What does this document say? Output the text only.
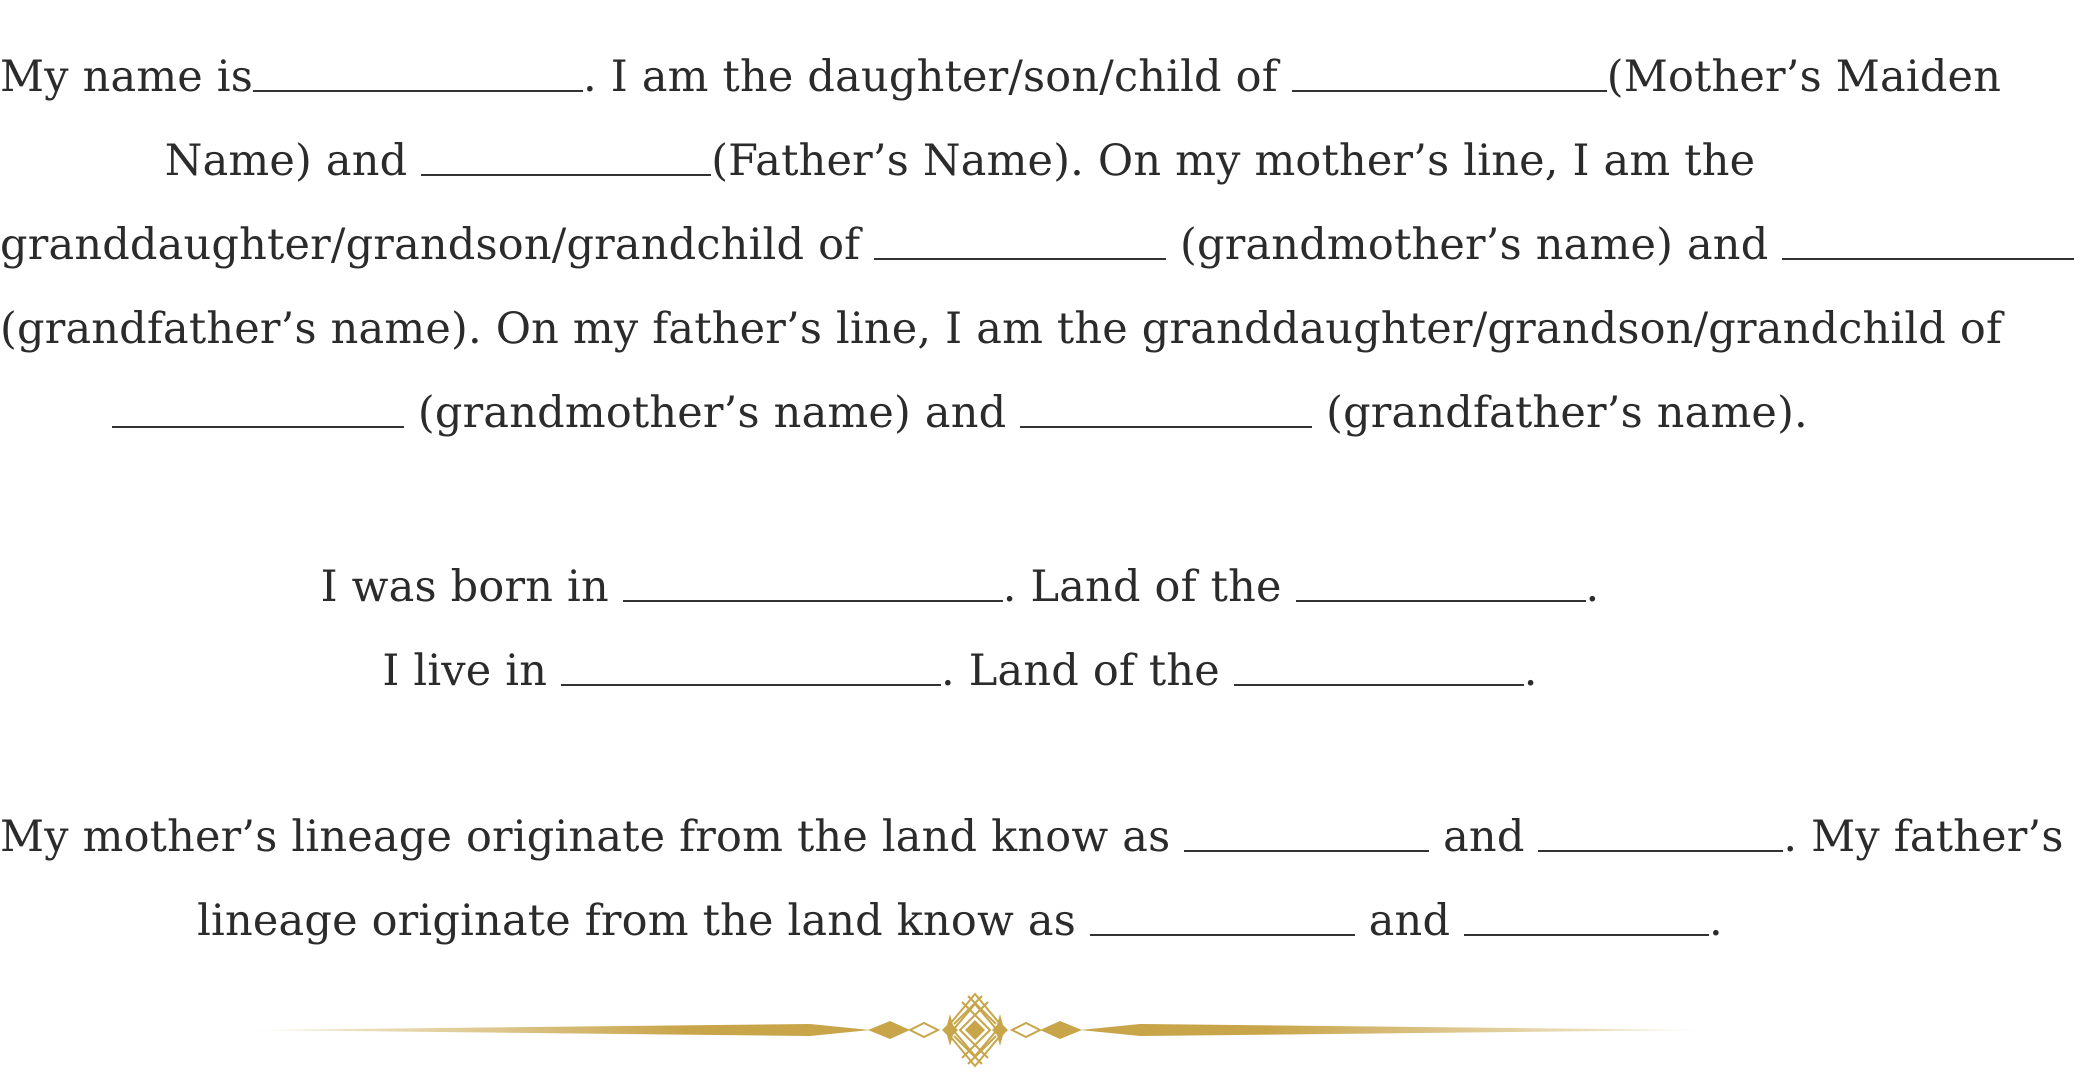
My name is	. I am the daughter/son/child of	(Mother’s Maiden
Name) and	(Father’s Name). On my mother’s line, I am the
granddaughter/grandson/grandchild of	(grandmother’s name) and
(grandfather’s name). On my father’s line, I am the granddaughter/grandson/grandchild of
(grandmother’s name) and	(grandfather’s name).
I was born in	. Land of the	.
I live in	. Land of the	.
My mother’s lineage originate from the land know as	and	. My father’s
lineage originate from the land know as	and	.
